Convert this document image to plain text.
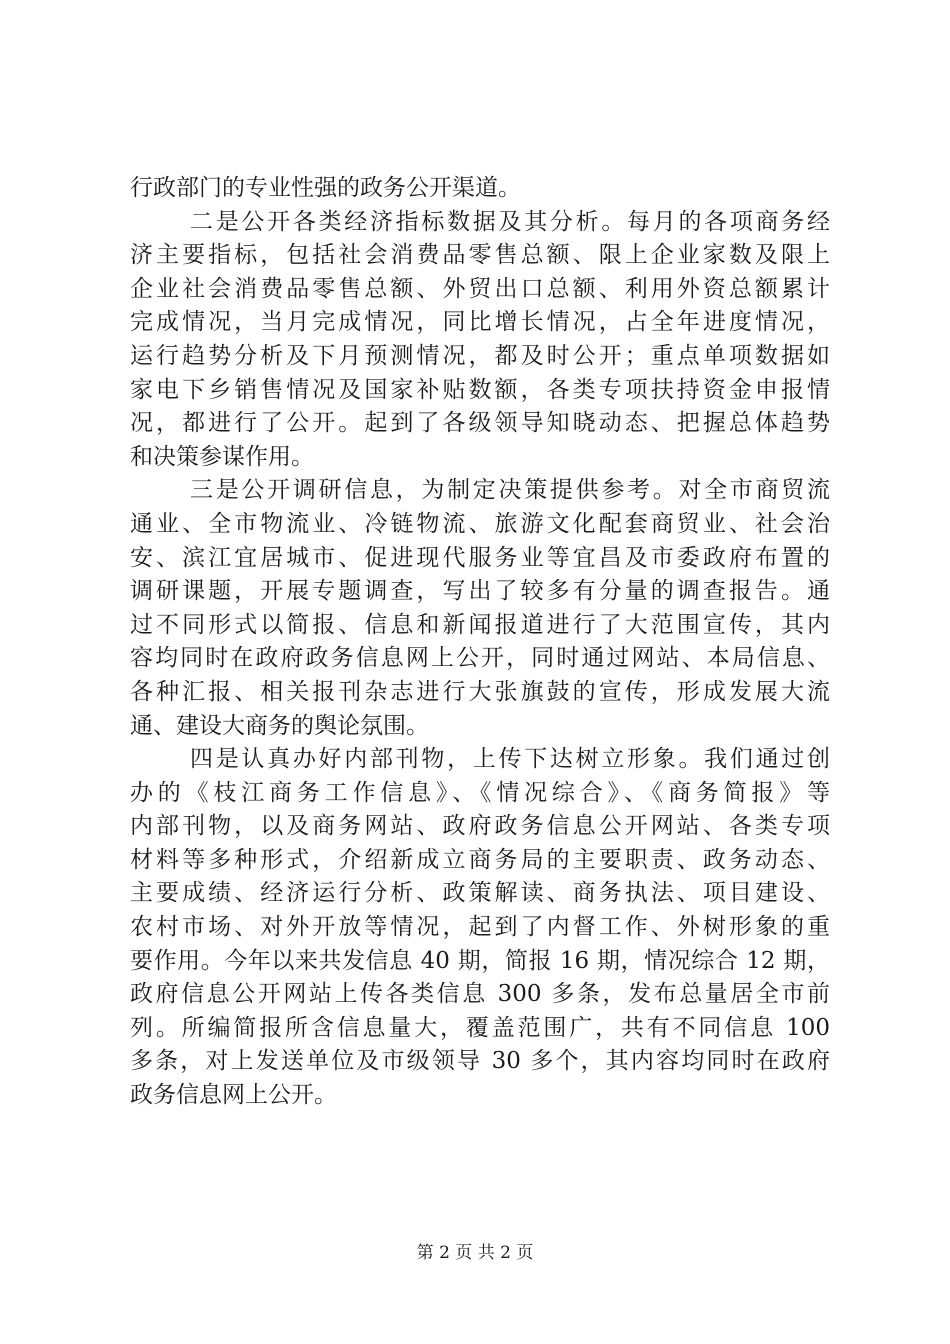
行政部门的专业性强的政务公开渠道。
二是公开各类经济指标数据及其分析。每月的各项商务经
济主要指标，包括社会消费品零售总额、限上企业家数及限上
企业社会消费品零售总额、外贸出口总额、利用外资总额累计
完成情况，当月完成情况，同比增长情况，占全年进度情况，
运行趋势分析及下月预测情况，都及时公开；重点单项数据如
家电下乡销售情况及国家补贴数额，各类专项扶持资金申报情
况，都进行了公开。起到了各级领导知晓动态、把握总体趋势
和决策参谋作用。
三是公开调研信息，为制定决策提供参考。对全市商贸流
通业、全市物流业、冷链物流、旅游文化配套商贸业、社会治
安、滨江宜居城市、促进现代服务业等宜昌及市委政府布置的
调研课题，开展专题调查，写出了较多有分量的调查报告。通
过不同形式以简报、信息和新闻报道进行了大范围宣传，其内
容均同时在政府政务信息网上公开，同时通过网站、本局信息、
各种汇报、相关报刊杂志进行大张旗鼓的宣传，形成发展大流
通、建设大商务的舆论氛围。
四是认真办好内部刊物，上传下达树立形象。我们通过创
办的《枝江商务工作信息》、《情况综合》、《商务简报》等
内部刊物，以及商务网站、政府政务信息公开网站、各类专项
材料等多种形式，介绍新成立商务局的主要职责、政务动态、
主要成绩、经济运行分析、政策解读、商务执法、项目建设、
农村市场、对外开放等情况，起到了内督工作、外树形象的重
要作用。今年以来共发信息 40 期，简报 16 期，情况综合 12 期，
政府信息公开网站上传各类信息 300 多条，发布总量居全市前
列。所编简报所含信息量大，覆盖范围广，共有不同信息 100
多条，对上发送单位及市级领导 30 多个，其内容均同时在政府
政务信息网上公开。
第 2 页 共 2 页
